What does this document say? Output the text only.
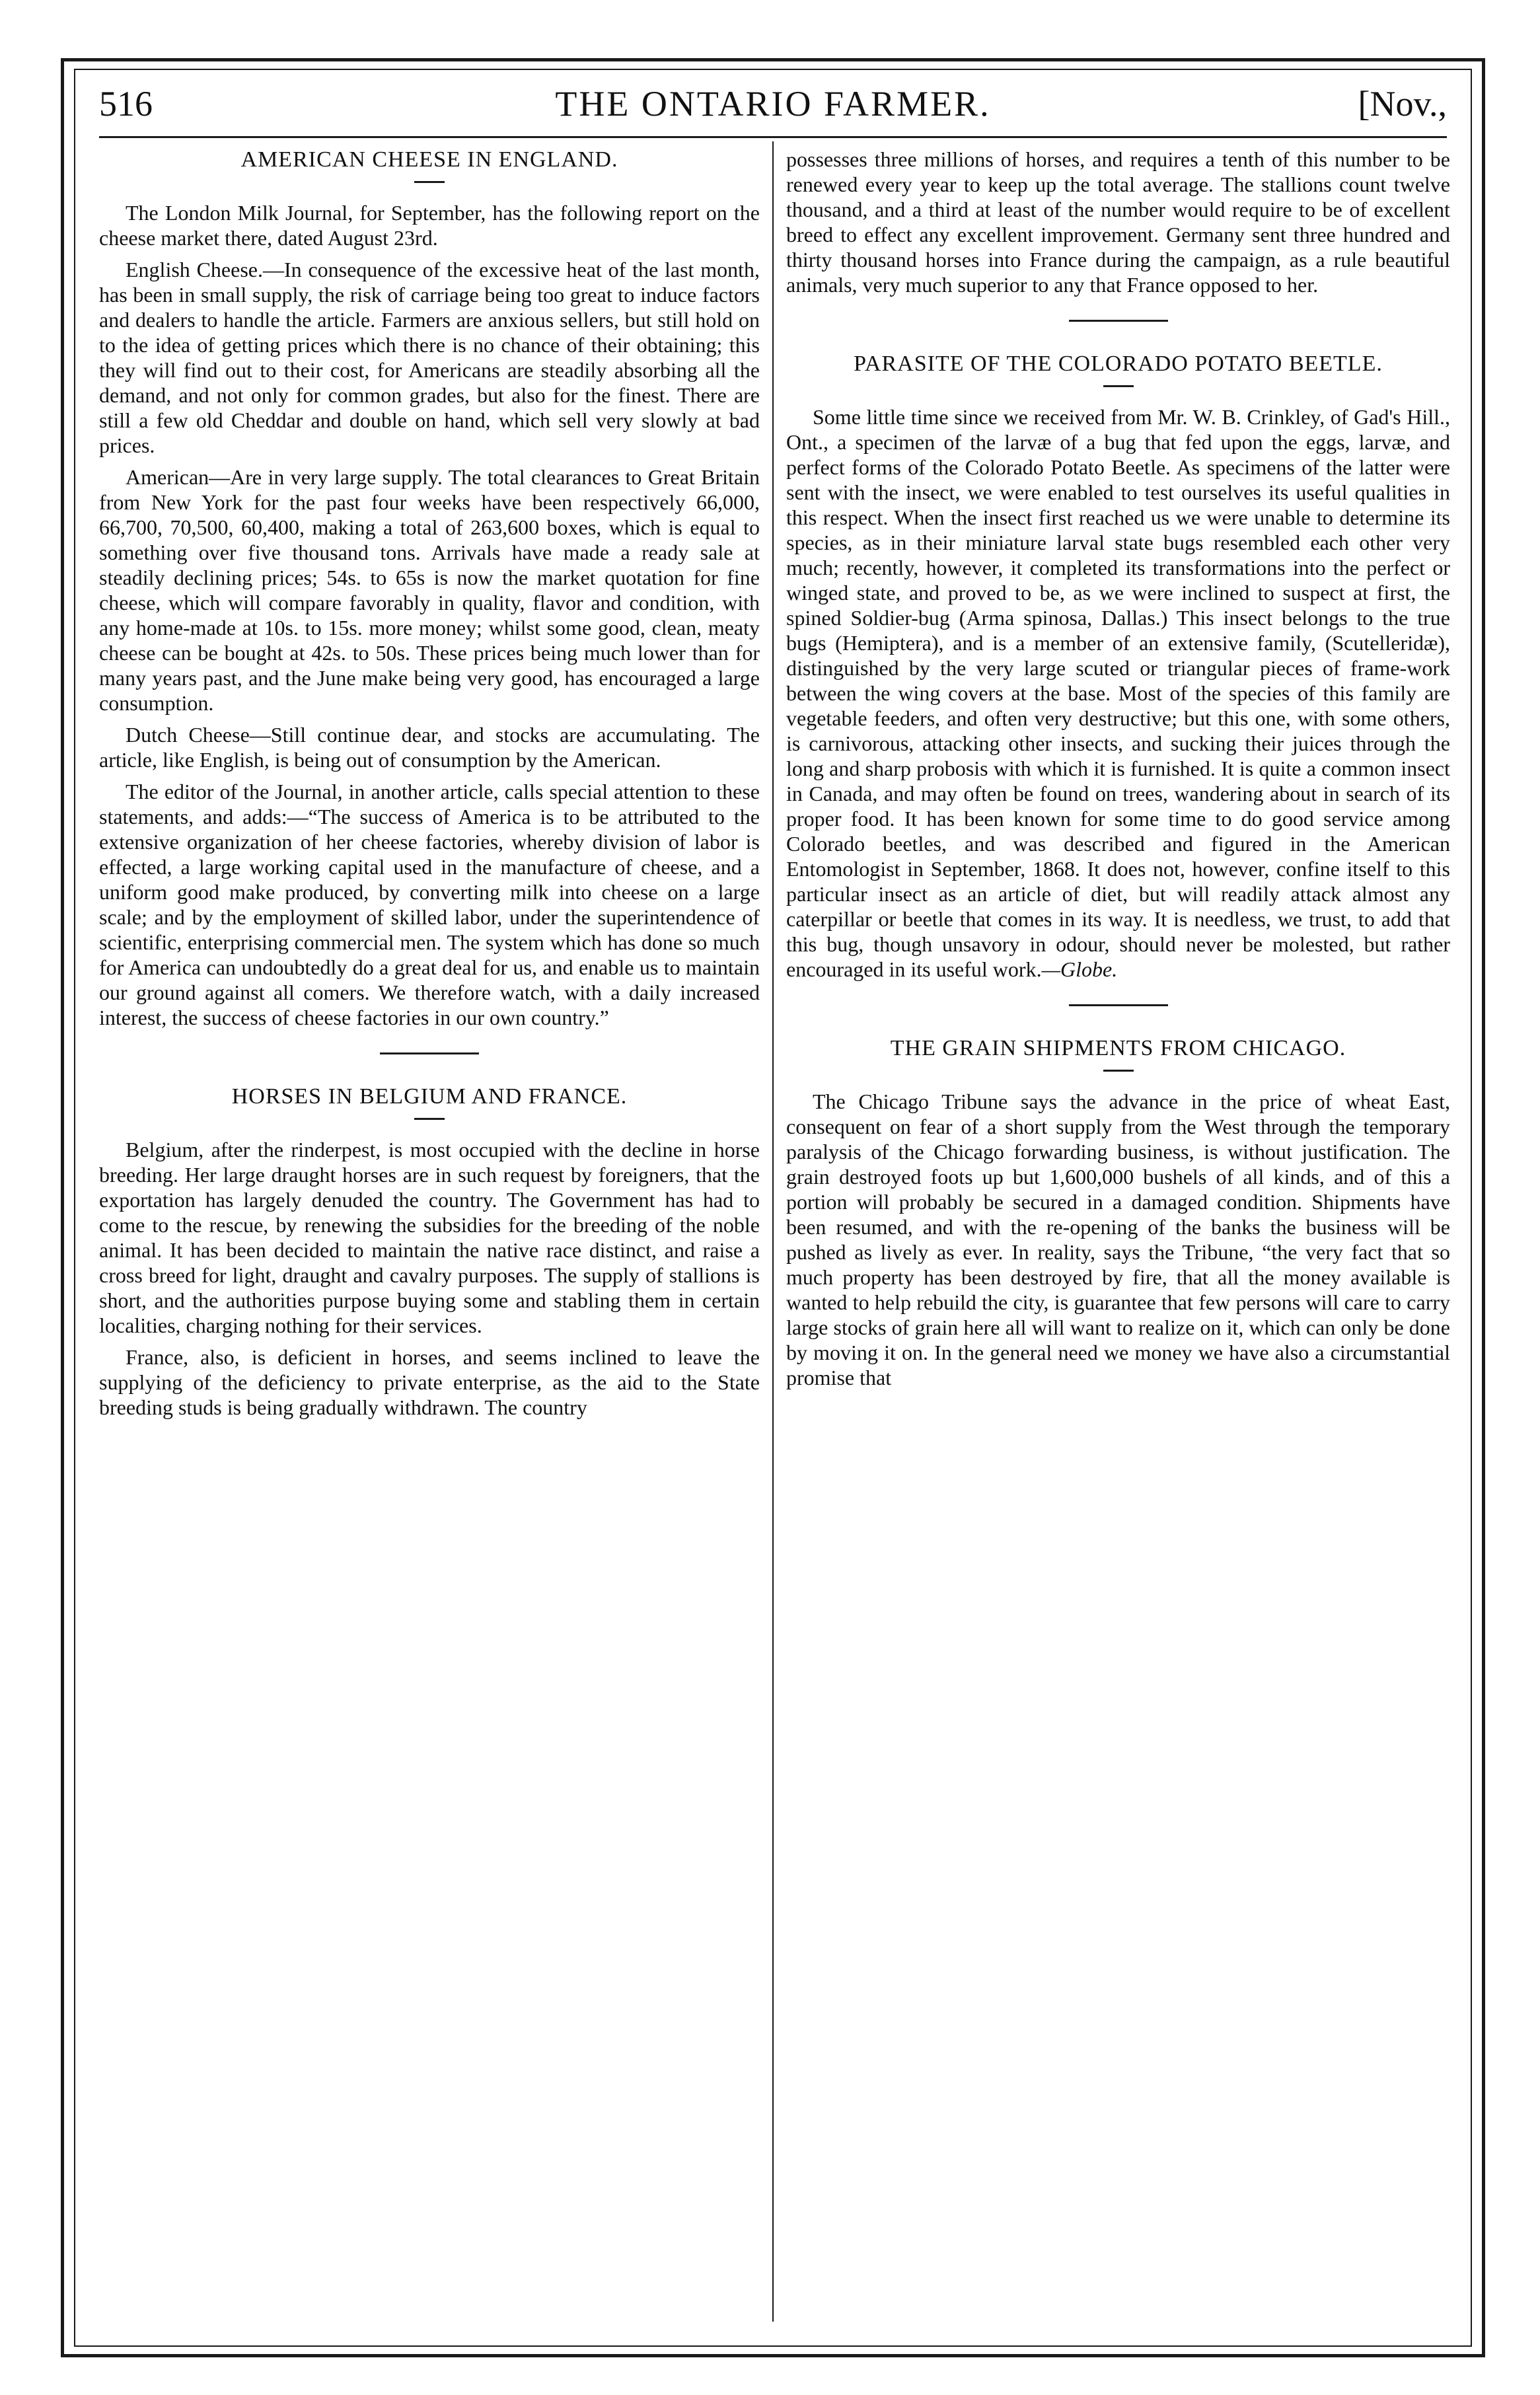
516	THE ONTARIO FARMER.	[Nov.,
AMERICAN CHEESE IN ENGLAND.

The London Milk Journal, for September, has the following report on the cheese market there, dated August 23rd.

English Cheese.—In consequence of the excessive heat of the last month, has been in small supply, the risk of carriage being too great to induce factors and dealers to handle the article. Farmers are anxious sellers, but still hold on to the idea of getting prices which there is no chance of their obtaining; this they will find out to their cost, for Americans are steadily absorbing all the demand, and not only for common grades, but also for the finest. There are still a few old Cheddar and double on hand, which sell very slowly at bad prices.

American—Are in very large supply. The total clearances to Great Britain from New York for the past four weeks have been respectively 66,000, 66,700, 70,500, 60,400, making a total of 263,600 boxes, which is equal to something over five thousand tons. Arrivals have made a ready sale at steadily declining prices; 54s. to 65s is now the market quotation for fine cheese, which will compare favorably in quality, flavor and condition, with any home-made at 10s. to 15s. more money; whilst some good, clean, meaty cheese can be bought at 42s. to 50s. These prices being much lower than for many years past, and the June make being very good, has encouraged a large consumption.

Dutch Cheese—Still continue dear, and stocks are accumulating. The article, like English, is being out of consumption by the American.

The editor of the Journal, in another article, calls special attention to these statements, and adds:—“The success of America is to be attributed to the extensive organization of her cheese factories, whereby division of labor is effected, a large working capital used in the manufacture of cheese, and a uniform good make produced, by converting milk into cheese on a large scale; and by the employment of skilled labor, under the superintendence of scientific, enterprising commercial men. The system which has done so much for America can undoubtedly do a great deal for us, and enable us to maintain our ground against all comers. We therefore watch, with a daily increased interest, the success of cheese factories in our own country.”

HORSES IN BELGIUM AND FRANCE.

Belgium, after the rinderpest, is most occupied with the decline in horse breeding. Her large draught horses are in such request by foreigners, that the exportation has largely denuded the country. The Government has had to come to the rescue, by renewing the subsidies for the breeding of the noble animal. It has been decided to maintain the native race distinct, and raise a cross breed for light, draught and cavalry purposes. The supply of stallions is short, and the authorities purpose buying some and stabling them in certain localities, charging nothing for their services.

France, also, is deficient in horses, and seems inclined to leave the supplying of the deficiency to private enterprise, as the aid to the State breeding studs is being gradually withdrawn. The country

possesses three millions of horses, and requires a tenth of this number to be renewed every year to keep up the total average. The stallions count twelve thousand, and a third at least of the number would require to be of excellent breed to effect any excellent improvement. Germany sent three hundred and thirty thousand horses into France during the campaign, as a rule beautiful animals, very much superior to any that France opposed to her.

PARASITE OF THE COLORADO POTATO BEETLE.

Some little time since we received from Mr. W. B. Crinkley, of Gad's Hill., Ont., a specimen of the larvæ of a bug that fed upon the eggs, larvæ, and perfect forms of the Colorado Potato Beetle. As specimens of the latter were sent with the insect, we were enabled to test ourselves its useful qualities in this respect. When the insect first reached us we were unable to determine its species, as in their miniature larval state bugs resembled each other very much; recently, however, it completed its transformations into the perfect or winged state, and proved to be, as we were inclined to suspect at first, the spined Soldier-bug (Arma spinosa, Dallas.) This insect belongs to the true bugs (Hemiptera), and is a member of an extensive family, (Scutelleridæ), distinguished by the very large scuted or triangular pieces of frame-work between the wing covers at the base. Most of the species of this family are vegetable feeders, and often very destructive; but this one, with some others, is carnivorous, attacking other insects, and sucking their juices through the long and sharp probosis with which it is furnished. It is quite a common insect in Canada, and may often be found on trees, wandering about in search of its proper food. It has been known for some time to do good service among Colorado beetles, and was described and figured in the American Entomologist in September, 1868. It does not, however, confine itself to this particular insect as an article of diet, but will readily attack almost any caterpillar or beetle that comes in its way. It is needless, we trust, to add that this bug, though unsavory in odour, should never be molested, but rather encouraged in its useful work.—Globe.

THE GRAIN SHIPMENTS FROM CHICAGO.

The Chicago Tribune says the advance in the price of wheat East, consequent on fear of a short supply from the West through the temporary paralysis of the Chicago forwarding business, is without justification. The grain destroyed foots up but 1,600,000 bushels of all kinds, and of this a portion will probably be secured in a damaged condition. Shipments have been resumed, and with the re-opening of the banks the business will be pushed as lively as ever. In reality, says the Tribune, “the very fact that so much property has been destroyed by fire, that all the money available is wanted to help rebuild the city, is guarantee that few persons will care to carry large stocks of grain here all will want to realize on it, which can only be done by moving it on. In the general need we money we have also a circumstantial promise that
